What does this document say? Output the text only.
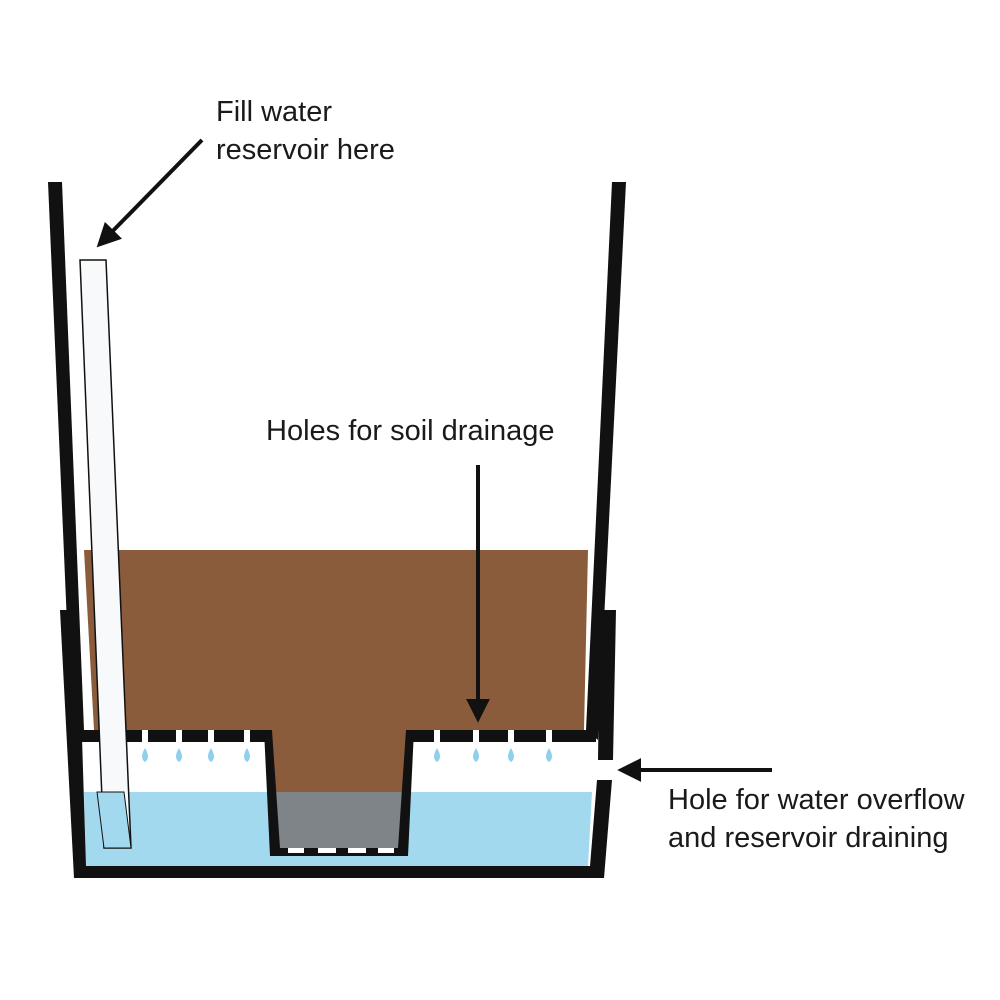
Fill water
reservoir here
Holes for soil drainage
Hole for water overflow
and reservoir draining
